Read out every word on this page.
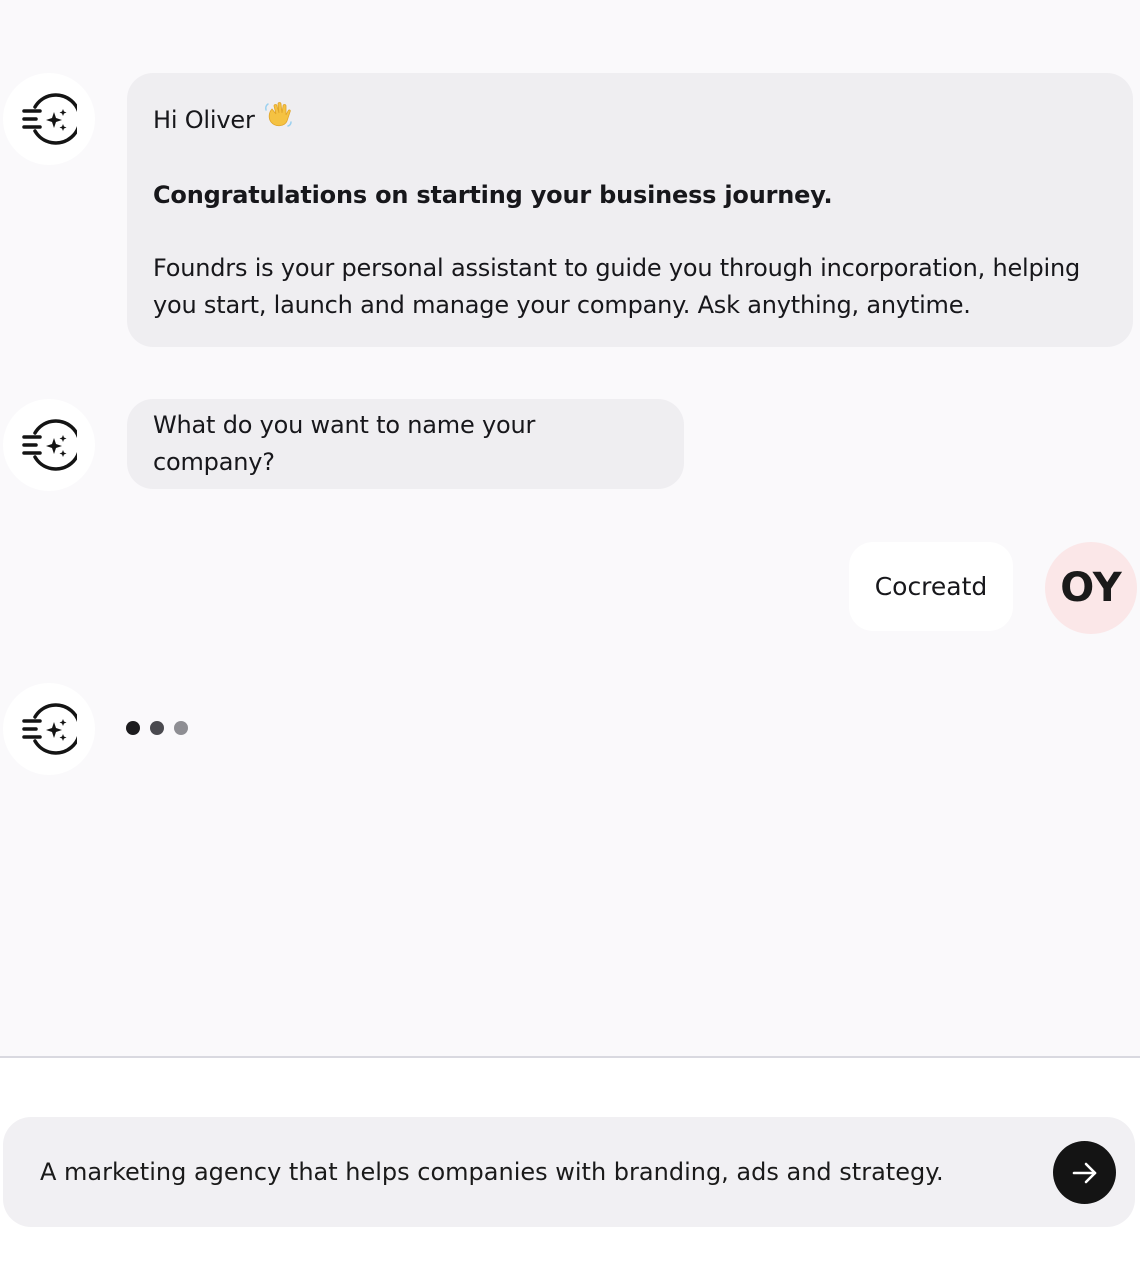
Hi Oliver
Congratulations on starting your business journey.
Foundrs is your personal assistant to guide you through incorporation, helping you start, launch and manage your company. Ask anything, anytime.
What do you want to name your company?
Cocreatd OY
A marketing agency that helps companies with branding, ads and strategy.
